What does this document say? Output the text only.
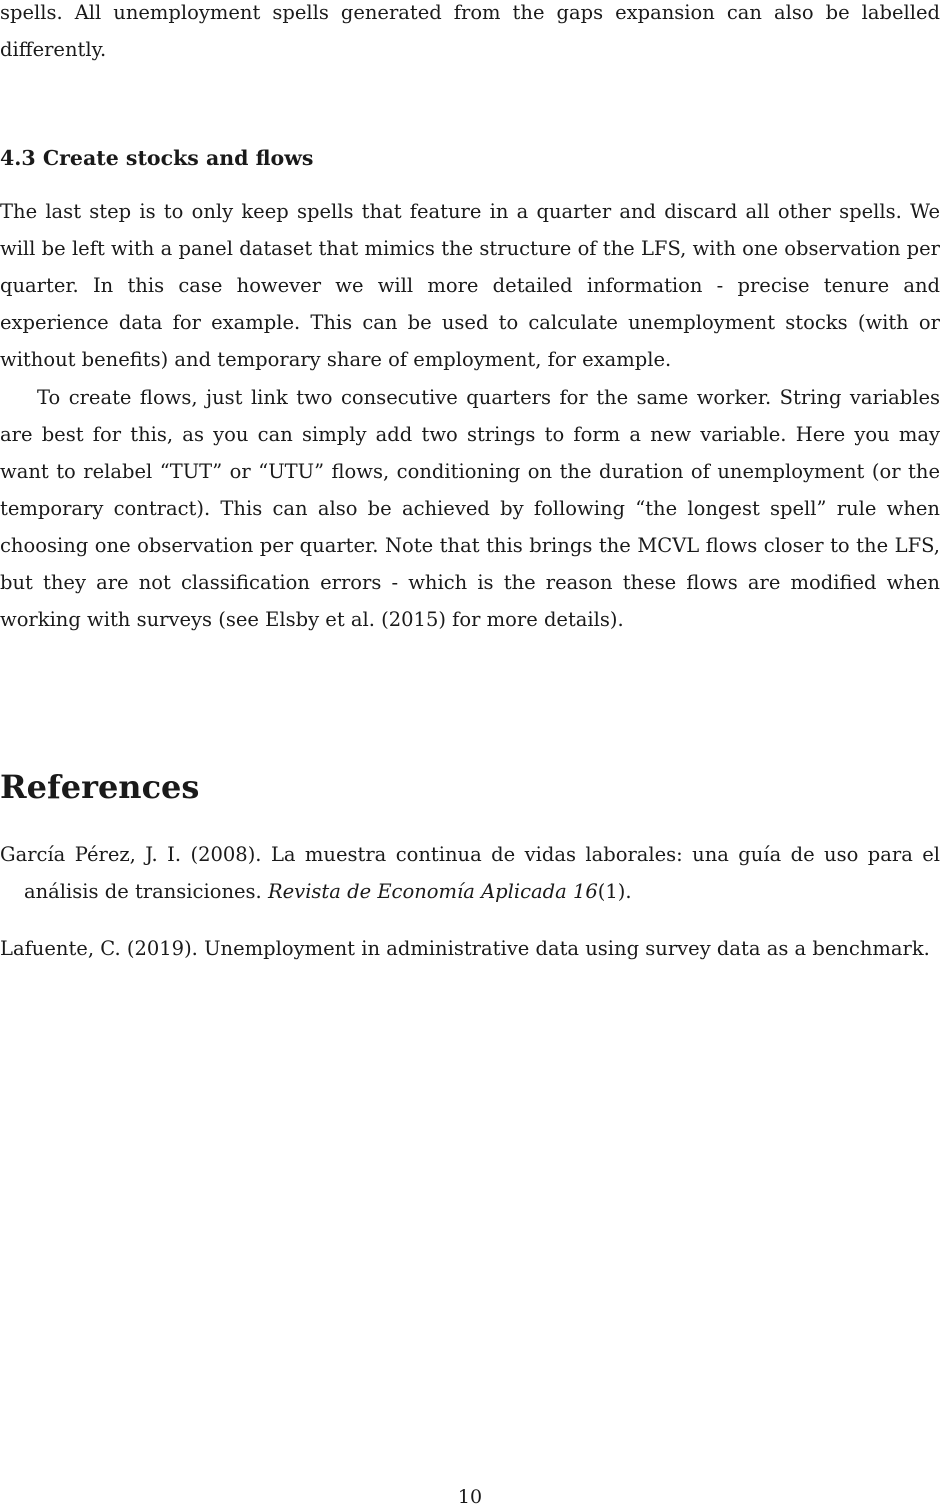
spells. All unemployment spells generated from the gaps expansion can also be labelled differently.

4.3 Create stocks and flows

The last step is to only keep spells that feature in a quarter and discard all other spells. We will be left with a panel dataset that mimics the structure of the LFS, with one observation per quarter. In this case however we will more detailed information - precise tenure and experience data for example. This can be used to calculate unemployment stocks (with or without benefits) and temporary share of employment, for example.

To create flows, just link two consecutive quarters for the same worker. String variables are best for this, as you can simply add two strings to form a new variable. Here you may want to relabel “TUT” or “UTU” flows, conditioning on the duration of unemployment (or the temporary contract). This can also be achieved by following “the longest spell” rule when choosing one observation per quarter. Note that this brings the MCVL flows closer to the LFS, but they are not classification errors - which is the reason these flows are modified when working with surveys (see Elsby et al. (2015) for more details).

References

García Pérez, J. I. (2008). La muestra continua de vidas laborales: una guía de uso para el análisis de transiciones. Revista de Economía Aplicada 16(1).

Lafuente, C. (2019). Unemployment in administrative data using survey data as a benchmark.

10
